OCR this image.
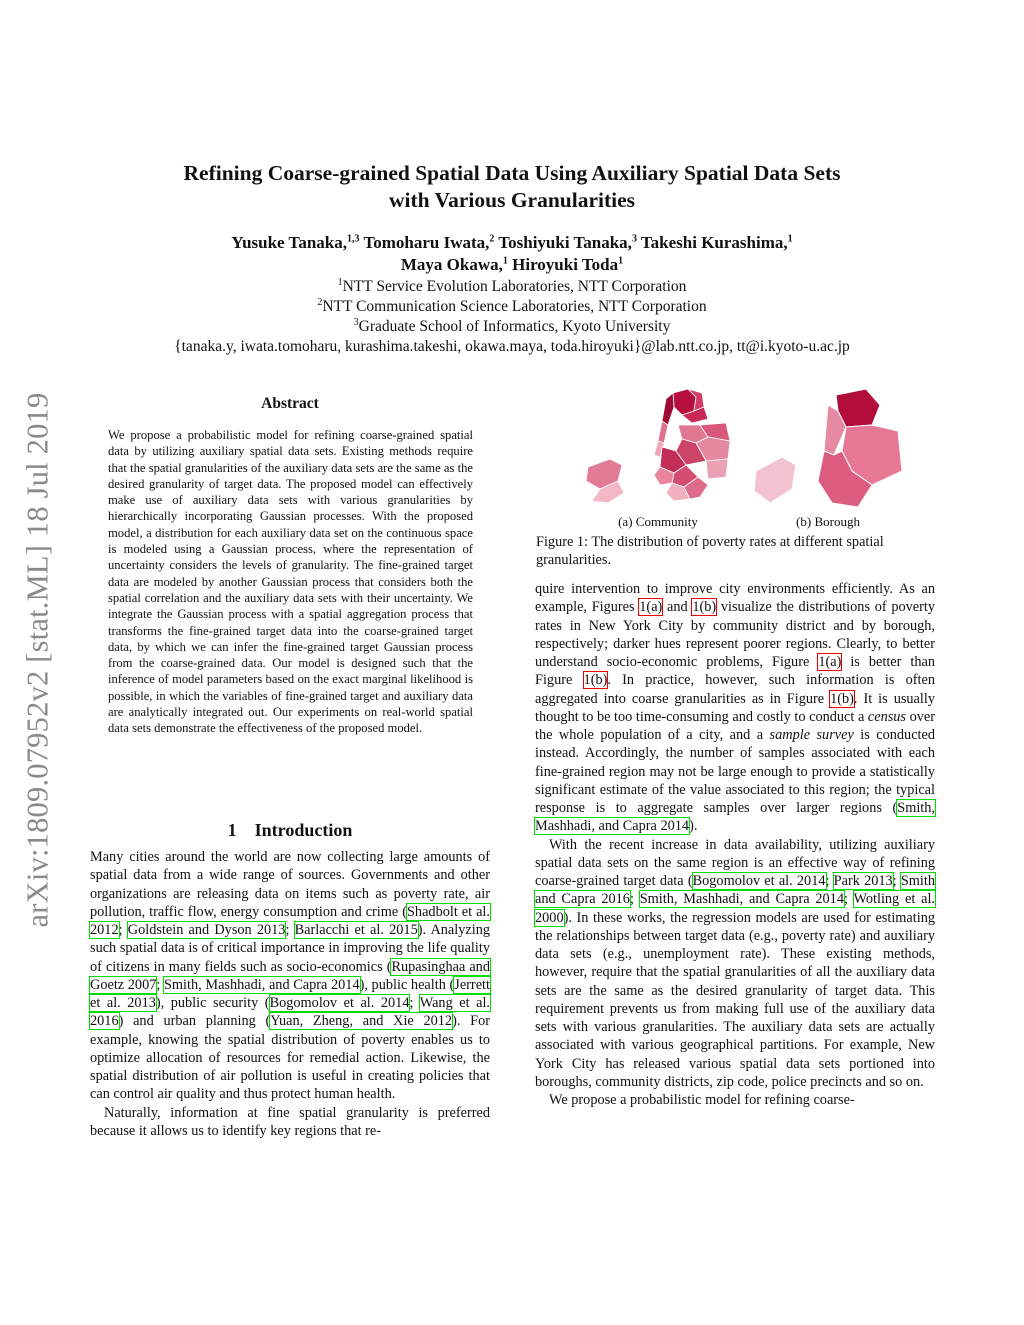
arXiv:1809.07952v2 [stat.ML] 18 Jul 2019
Refining Coarse-grained Spatial Data Using Auxiliary Spatial Data Sets
with Various Granularities
Yusuke Tanaka,$^{1,3}$ Tomoharu Iwata,$^2$ Toshiyuki Tanaka,$^3$ Takeshi Kurashima,$^1$
Maya Okawa,$^1$ Hiroyuki Toda$^1$
$^1$NTT Service Evolution Laboratories, NTT Corporation
$^2$NTT Communication Science Laboratories, NTT Corporation
$^3$Graduate School of Informatics, Kyoto University
{tanaka.y, iwata.tomoharu, kurashima.takeshi, okawa.maya, toda.hiroyuki}@lab.ntt.co.jp, tt@i.kyoto-u.ac.jp
Abstract
We propose a probabilistic model for refining coarse-grained spatial data by utilizing auxiliary spatial data sets. Existing methods require that the spatial granularities of the auxiliary data sets are the same as the desired granularity of target data. The proposed model can effectively make use of auxiliary data sets with various granularities by hierarchically incorporating Gaussian processes. With the proposed model, a distribution for each auxiliary data set on the continuous space is modeled using a Gaussian process, where the representation of uncertainty considers the levels of granularity. The fine-grained target data are modeled by another Gaussian process that considers both the spatial correlation and the auxiliary data sets with their uncertainty. We integrate the Gaussian process with a spatial aggregation process that transforms the fine-grained target data into the coarse-grained target data, by which we can infer the fine-grained target Gaussian process from the coarse-grained data. Our model is designed such that the inference of model parameters based on the exact marginal likelihood is possible, in which the variables of fine-grained target and auxiliary data are analytically integrated out. Our experiments on real-world spatial data sets demonstrate the effectiveness of the proposed model.
1 Introduction

Many cities around the world are now collecting large amounts of spatial data from a wide range of sources. Governments and other organizations are releasing data on items such as poverty rate, air pollution, traffic flow, energy consumption and crime (Shadbolt et al. 2012; Goldstein and Dyson 2013; Barlacchi et al. 2015). Analyzing such spatial data is of critical importance in improving the life quality of citizens in many fields such as socio-economics (Rupasinghaa and Goetz 2007; Smith, Mashhadi, and Capra 2014), public health (Jerrett et al. 2013), public security (Bogomolov et al. 2014; Wang et al. 2016) and urban planning (Yuan, Zheng, and Xie 2012). For example, knowing the spatial distribution of poverty enables us to optimize allocation of resources for remedial action. Likewise, the spatial distribution of air pollution is useful in creating policies that can control air quality and thus protect human health.

Naturally, information at fine spatial granularity is preferred because it allows us to identify key regions that re-

(a) Community	(b) Borough
Figure 1: The distribution of poverty rates at different spatial granularities.

quire intervention to improve city environments efficiently. As an example, Figures 1(a) and 1(b) visualize the distributions of poverty rates in New York City by community district and by borough, respectively; darker hues represent poorer regions. Clearly, to better understand socio-economic problems, Figure 1(a) is better than Figure 1(b). In practice, however, such information is often aggregated into coarse granularities as in Figure 1(b). It is usually thought to be too time-consuming and costly to conduct a census over the whole population of a city, and a sample survey is conducted instead. Accordingly, the number of samples associated with each fine-grained region may not be large enough to provide a statistically significant estimate of the value associated to this region; the typical response is to aggregate samples over larger regions (Smith, Mashhadi, and Capra 2014).

With the recent increase in data availability, utilizing auxiliary spatial data sets on the same region is an effective way of refining coarse-grained target data (Bogomolov et al. 2014; Park 2013; Smith and Capra 2016; Smith, Mashhadi, and Capra 2014; Wotling et al. 2000). In these works, the regression models are used for estimating the relationships between target data (e.g., poverty rate) and auxiliary data sets (e.g., unemployment rate). These existing methods, however, require that the spatial granularities of all the auxiliary data sets are the same as the desired granularity of target data. This requirement prevents us from making full use of the auxiliary data sets with various granularities. The auxiliary data sets are actually associated with various geographical partitions. For example, New York City has released various spatial data sets portioned into boroughs, community districts, zip code, police precincts and so on.

We propose a probabilistic model for refining coarse-
